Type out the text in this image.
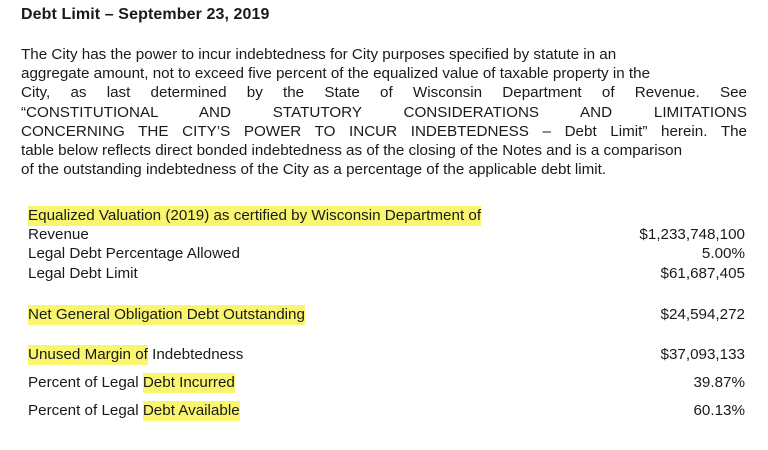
Debt Limit – September 23, 2019
The City has the power to incur indebtedness for City purposes specified by statute in an
aggregate amount, not to exceed five percent of the equalized value of taxable property in the
City, as last determined by the State of Wisconsin Department of Revenue. See
“CONSTITUTIONAL AND STATUTORY CONSIDERATIONS AND LIMITATIONS
CONCERNING THE CITY’S POWER TO INCUR INDEBTEDNESS – Debt Limit” herein. The
table below reflects direct bonded indebtedness as of the closing of the Notes and is a comparison
of the outstanding indebtedness of the City as a percentage of the applicable debt limit.
Equalized Valuation (2019) as certified by Wisconsin Department of
Revenue	$1,233,748,100
Legal Debt Percentage Allowed	5.00%
Legal Debt Limit	$61,687,405
Net General Obligation Debt Outstanding	$24,594,272
Unused Margin of Indebtedness	$37,093,133
Percent of Legal Debt Incurred	39.87%
Percent of Legal Debt Available	60.13%
